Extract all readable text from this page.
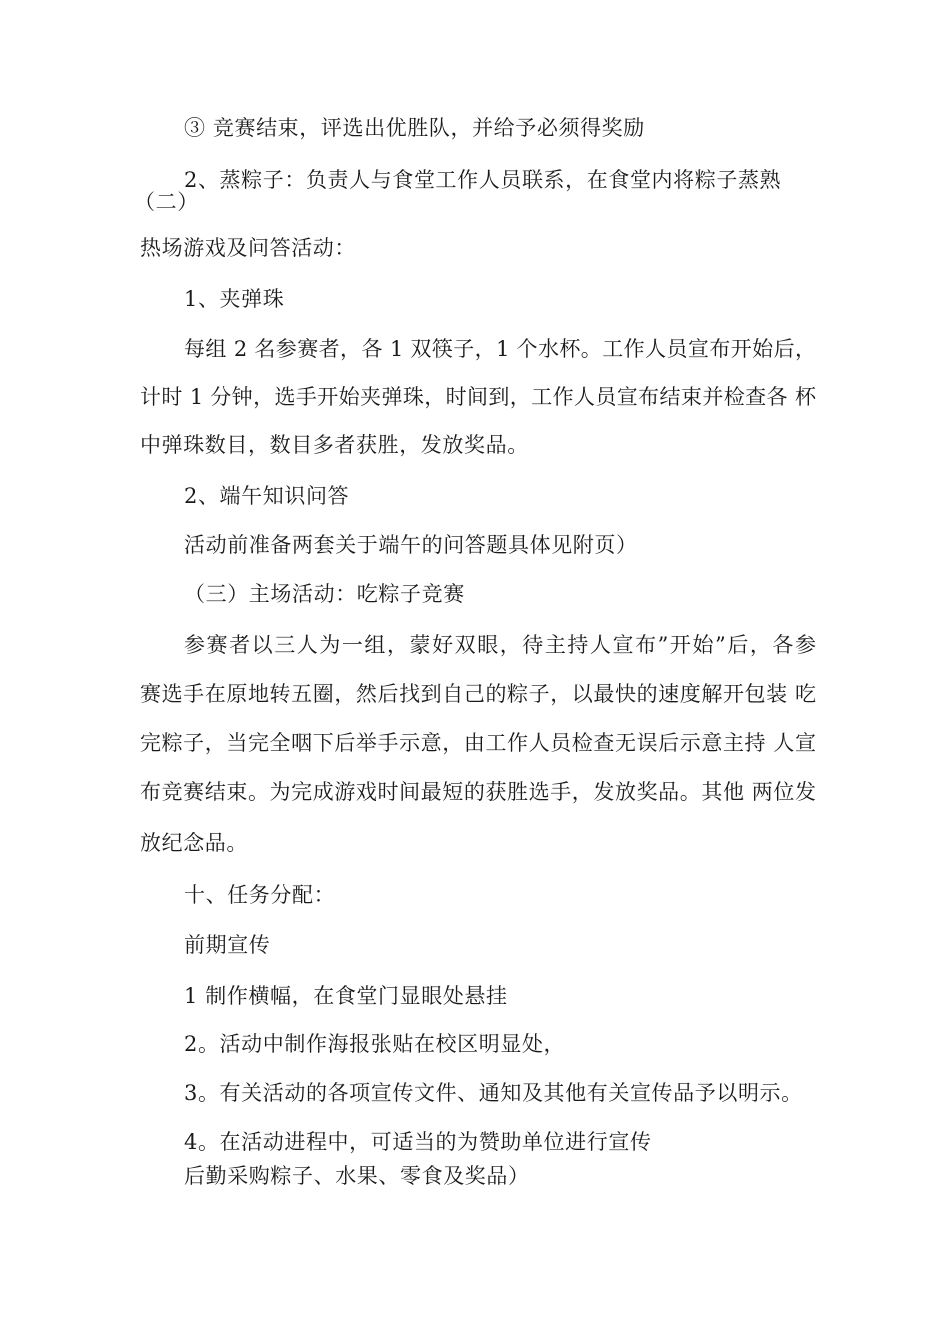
③ 竞赛结束，评选出优胜队，并给予必须得奖励
2、蒸粽子：负责人与食堂工作人员联系，在食堂内将粽子蒸熟
（二）
热场游戏及问答活动：
1、夹弹珠
每组 2 名参赛者，各 1 双筷子，1 个水杯。工作人员宣布开始后，
计时 1 分钟，选手开始夹弹珠，时间到，工作人员宣布结束并检查各 杯
中弹珠数目，数目多者获胜，发放奖品。
2、端午知识问答
活动前准备两套关于端午的问答题具体见附页）
（三）主场活动：吃粽子竞赛
参赛者以三人为一组，蒙好双眼，待主持人宣布”开始”后，各参
赛选手在原地转五圈，然后找到自己的粽子，以最快的速度解开包装 吃
完粽子，当完全咽下后举手示意，由工作人员检查无误后示意主持 人宣
布竞赛结束。为完成游戏时间最短的获胜选手，发放奖品。其他 两位发
放纪念品。
十、任务分配：
前期宣传
1 制作横幅，在食堂门显眼处悬挂
2。活动中制作海报张贴在校区明显处，
3。有关活动的各项宣传文件、通知及其他有关宣传品予以明示。
4。在活动进程中，可适当的为赞助单位进行宣传
后勤采购粽子、水果、零食及奖品）
